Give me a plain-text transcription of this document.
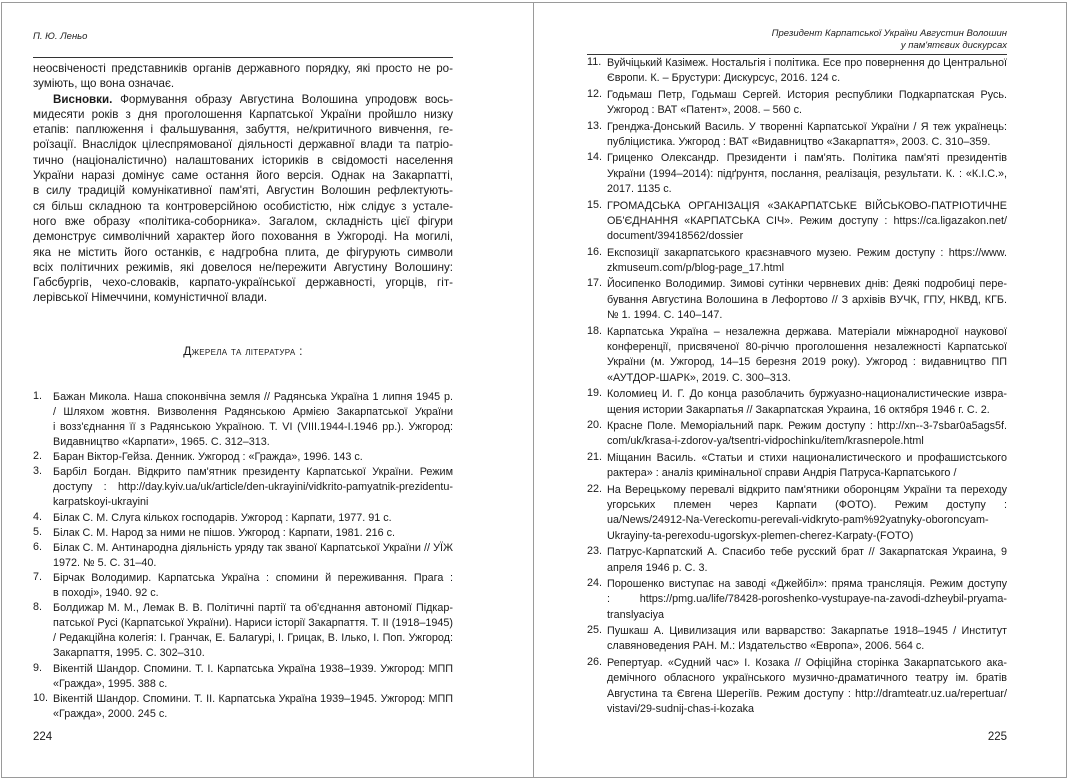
П. Ю. Леньо
неосвіченості представників органів державного порядку, які просто не ро-
зуміють, що вона означає.
Висновки. Формування образу Августина Волошина упродовж вось-
мидесяти років з дня проголошення Карпатської України пройшло низку
етапів: паплюження і фальшування, забуття, не/критичного вивчення, ге-
роїзації. Внаслідок цілеспрямованої діяльності державної влади та патріо-
тично (націоналістично) налаштованих істориків в свідомості населення
України наразі домінує саме остання його версія. Однак на Закарпатті,
в силу традицій комунікативної пам'яті, Августин Волошин рефлектують-
ся більш складною та контроверсійною особистістю, ніж слідує з устале-
ного вже образу «політика-соборника». Загалом, складність цієї фігури
демонструє символічний характер його поховання в Ужгороді. На могилі,
яка не містить його останків, є надгробна плита, де фігурують символи
всіх політичних режимів, які довелося не/пережити Августину Волошину:
Габсбургів, чехо-словаків, карпато-української державності, угорців, гіт-
лерівської Німеччини, комуністичної влади.
Джерела та література :
1. Бажан Микола. Наша споконвічна земля // Радянська Україна 1 липня 1945 р.
/ Шляхом жовтня. Визволення Радянською Армією Закарпатської України
і возз'єднання її з Радянською Україною. Т. VI (VIII.1944-I.1946 рр.). Ужгород:
Видавництво «Карпати», 1965. С. 312–313.
2. Баран Віктор-Гейза. Денник. Ужгород : «Гражда», 1996. 143 с.
3. Барбіл Богдан. Відкрито пам'ятник президенту Карпатської України. Режим
доступу : http://day.kyiv.ua/uk/article/den-ukrayini/vidkrito-pamyatnik-prezidentu-
karpatskoyi-ukrayini
4. Білак С. М. Слуга кількох господарів. Ужгород : Карпати, 1977. 91 с.
5. Білак С. М. Народ за ними не пішов. Ужгород : Карпати, 1981. 216 с.
6. Білак С. М. Антинародна діяльність уряду так званої Карпатської України // УЇЖ
1972. № 5. С. 31–40.
7. Бірчак Володимир. Карпатська Україна : спомини й переживання. Прага :
в поході», 1940. 92 с.
8. Болдижар М. М., Лемак В. В. Політичні партії та об'єднання автономії Підкар-
патської Русі (Карпатської України). Нариси історії Закарпаття. Т. II (1918–1945)
/ Редакційна колегія: І. Гранчак, Е. Балагурі, І. Грицак, В. Ілько, І. Поп. Ужгород:
Закарпаття, 1995. С. 302–310.
9. Вікентій Шандор. Спомини. Т. I. Карпатська Україна 1938–1939. Ужгород: МПП
«Гражда», 1995. 388 с.
10. Вікентій Шандор. Спомини. Т. II. Карпатська Україна 1939–1945. Ужгород: МПП
«Гражда», 2000. 245 с.
224
Президент Карпатської України Августин Волошин
у пам'ятєвих дискурсах
11. Вуйчіцький Казімеж. Ностальгія і політика. Есе про повернення до Центральної
Європи. К. – Брустури: Дискурсус, 2016. 124 с.
12. Годьмаш Петр, Годьмаш Сергей. История республики Подкарпатская Русь.
Ужгород : ВАТ «Патент», 2008. – 560 с.
13. Гренджа-Донський Василь. У творенні Карпатської України / Я теж українець:
публіцистика. Ужгород : ВАТ «Видавництво «Закарпаття», 2003. С. 310–359.
14. Гриценко Олександр. Президенти і пам'ять. Політика пам'яті президентів
України (1994–2014): підґрунтя, послання, реалізація, результати. К. : «К.І.С.»,
2017. 1135 с.
15. ГРОМАДСЬКА ОРГАНІЗАЦІЯ «ЗАКАРПАТСЬКЕ ВІЙСЬКОВО-ПАТРІОТИЧНЕ
ОБ'ЄДНАННЯ «КАРПАТСЬКА СІЧ». Режим доступу : https://ca.ligazakon.net/
document/39418562/dossier
16. Експозиції закарпатського краєзнавчого музею. Режим доступу : https://www.
zkmuseum.com/p/blog-page_17.html
17. Йосипенко Володимир. Зимові сутінки червневих днів: Деякі подробиці пере-
бування Августина Волошина в Лефортово // З архівів ВУЧК, ГПУ, НКВД, КГБ.
№ 1. 1994. С. 140–147.
18. Карпатська Україна – незалежна держава. Матеріали міжнародної наукової
конференції, присвяченої 80-річчю проголошення незалежності Карпатської
України (м. Ужгород, 14–15 березня 2019 року). Ужгород : видавництво ПП
«АУТДОР-ШАРК», 2019. С. 300–313.
19. Коломиец И. Г. До конца разоблачить буржуазно-националистические извра-
щения истории Закарпатья // Закарпатская Украина, 16 октября 1946 г. С. 2.
20. Красне Поле. Меморіальний парк. Режим доступу : http://xn--3-7sbar0a5ags5f.
com/uk/krasa-i-zdorov-ya/tsentri-vidpochinku/item/krasnepole.html
21. Міщанин Василь. «Статьи и стихи националистического и профашистського
рактера» : аналіз кримінальної справи Андрія Патруса-Карпатського /
22. На Верецькому перевалі відкрито пам'ятники оборонцям України та переходу
угорських племен через Карпати (ФОТО). Режим доступу :
ua/News/24912-Na-Vereckomu-perevali-vidkryto-pam%92yatnyky-oboroncyam-
Ukrayiny-ta-perexodu-ugorskyx-plemen-cherez-Karpaty-(FOTO)
23. Патрус-Карпатский А. Спасибо тебе русский брат // Закарпатская Украина, 9
апреля 1946 р. С. 3.
24. Порошенко виступає на заводі «Джейбіл»: пряма трансляція. Режим доступу
: https://pmg.ua/life/78428-poroshenko-vystupaye-na-zavodi-dzheybil-pryama-
translyaciya
25. Пушкаш А. Цивилизация или варварство: Закарпатье 1918–1945 / Институт
славяноведения РАН. М.: Издательство «Европа», 2006. 564 с.
26. Репертуар. «Судний час» І. Козака // Офіційна сторінка Закарпатського ака-
демічного обласного українського музично-драматичного театру ім. братів
Августина та Євгена Шерегіїв. Режим доступу : http://dramteatr.uz.ua/repertuar/
vistavi/29-sudnij-chas-i-kozaka
225
